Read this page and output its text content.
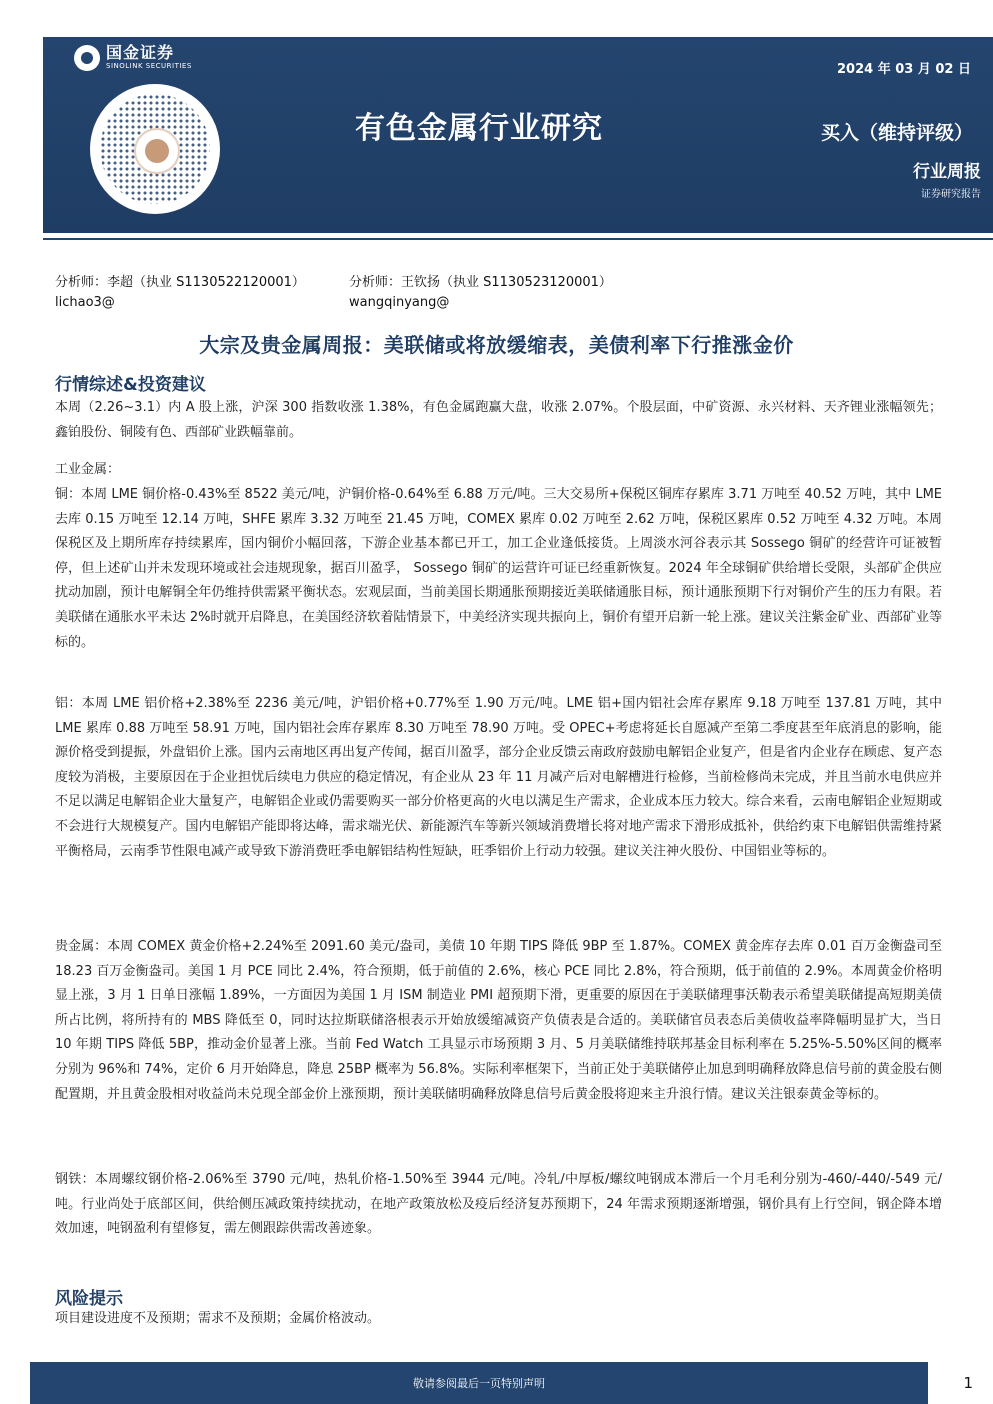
国金证券
SINOLINK SECURITIES	2024 年 03 月 02 日
有色金属行业研究	买入（维持评级）
行业周报
证券研究报告
分析师：李超（执业 S1130522120001）
lichao3@
分析师：王钦扬（执业 S1130523120001）
wangqinyang@
大宗及贵金属周报：美联储或将放缓缩表，美债利率下行推涨金价
行情综述&投资建议

本周（2.26~3.1）内 A 股上涨，沪深 300 指数收涨 1.38%，有色金属跑赢大盘，收涨 2.07%。个股层面，中矿资源、永兴材料、天齐锂业涨幅领先；鑫铂股份、铜陵有色、西部矿业跌幅靠前。

工业金属：

铜：本周 LME 铜价格-0.43%至 8522 美元/吨，沪铜价格-0.64%至 6.88 万元/吨。三大交易所+保税区铜库存累库 3.71 万吨至 40.52 万吨，其中 LME 去库 0.15 万吨至 12.14 万吨，SHFE 累库 3.32 万吨至 21.45 万吨，COMEX 累库 0.02 万吨至 2.62 万吨，保税区累库 0.52 万吨至 4.32 万吨。本周保税区及上期所库存持续累库，国内铜价小幅回落，下游企业基本都已开工，加工企业逢低接货。上周淡水河谷表示其 Sossego 铜矿的经营许可证被暂停，但上述矿山并未发现环境或社会违规现象，据百川盈孚， Sossego 铜矿的运营许可证已经重新恢复。2024 年全球铜矿供给增长受限，头部矿企供应扰动加剧，预计电解铜全年仍维持供需紧平衡状态。宏观层面，当前美国长期通胀预期接近美联储通胀目标，预计通胀预期下行对铜价产生的压力有限。若美联储在通胀水平未达 2%时就开启降息，在美国经济软着陆情景下，中美经济实现共振向上，铜价有望开启新一轮上涨。建议关注紫金矿业、西部矿业等标的。

铝：本周 LME 铝价格+2.38%至 2236 美元/吨，沪铝价格+0.77%至 1.90 万元/吨。LME 铝+国内铝社会库存累库 9.18 万吨至 137.81 万吨，其中 LME 累库 0.88 万吨至 58.91 万吨，国内铝社会库存累库 8.30 万吨至 78.90 万吨。受 OPEC+考虑将延长自愿减产至第二季度甚至年底消息的影响，能源价格受到提振，外盘铝价上涨。国内云南地区再出复产传闻，据百川盈孚，部分企业反馈云南政府鼓励电解铝企业复产，但是省内企业存在顾虑、复产态度较为消极，主要原因在于企业担忧后续电力供应的稳定情况，有企业从 23 年 11 月减产后对电解槽进行检修，当前检修尚未完成，并且当前水电供应并不足以满足电解铝企业大量复产，电解铝企业或仍需要购买一部分价格更高的火电以满足生产需求，企业成本压力较大。综合来看，云南电解铝企业短期或不会进行大规模复产。国内电解铝产能即将达峰，需求端光伏、新能源汽车等新兴领域消费增长将对地产需求下滑形成抵补，供给约束下电解铝供需维持紧平衡格局，云南季节性限电减产或导致下游消费旺季电解铝结构性短缺，旺季铝价上行动力较强。建议关注神火股份、中国铝业等标的。

贵金属：本周 COMEX 黄金价格+2.24%至 2091.60 美元/盎司，美债 10 年期 TIPS 降低 9BP 至 1.87%。COMEX 黄金库存去库 0.01 百万金衡盎司至 18.23 百万金衡盎司。美国 1 月 PCE 同比 2.4%，符合预期，低于前值的 2.6%，核心 PCE 同比 2.8%，符合预期，低于前值的 2.9%。本周黄金价格明显上涨，3 月 1 日单日涨幅 1.89%，一方面因为美国 1 月 ISM 制造业 PMI 超预期下滑，更重要的原因在于美联储理事沃勒表示希望美联储提高短期美债所占比例，将所持有的 MBS 降低至 0，同时达拉斯联储洛根表示开始放缓缩减资产负债表是合适的。美联储官员表态后美债收益率降幅明显扩大，当日 10 年期 TIPS 降低 5BP，推动金价显著上涨。当前 Fed Watch 工具显示市场预期 3 月、5 月美联储维持联邦基金目标利率在 5.25%-5.50%区间的概率分别为 96%和 74%，定价 6 月开始降息，降息 25BP 概率为 56.8%。实际利率框架下，当前正处于美联储停止加息到明确释放降息信号前的黄金股右侧配置期，并且黄金股相对收益尚未兑现全部金价上涨预期，预计美联储明确释放降息信号后黄金股将迎来主升浪行情。建议关注银泰黄金等标的。

钢铁：本周螺纹钢价格-2.06%至 3790 元/吨，热轧价格-1.50%至 3944 元/吨。冷轧/中厚板/螺纹吨钢成本滞后一个月毛利分别为-460/-440/-549 元/吨。行业尚处于底部区间，供给侧压减政策持续扰动，在地产政策放松及疫后经济复苏预期下，24 年需求预期逐渐增强，钢价具有上行空间，钢企降本增效加速，吨钢盈利有望修复，需左侧跟踪供需改善迹象。

风险提示

项目建设进度不及预期；需求不及预期；金属价格波动。

敬请参阅最后一页特别声明	1
